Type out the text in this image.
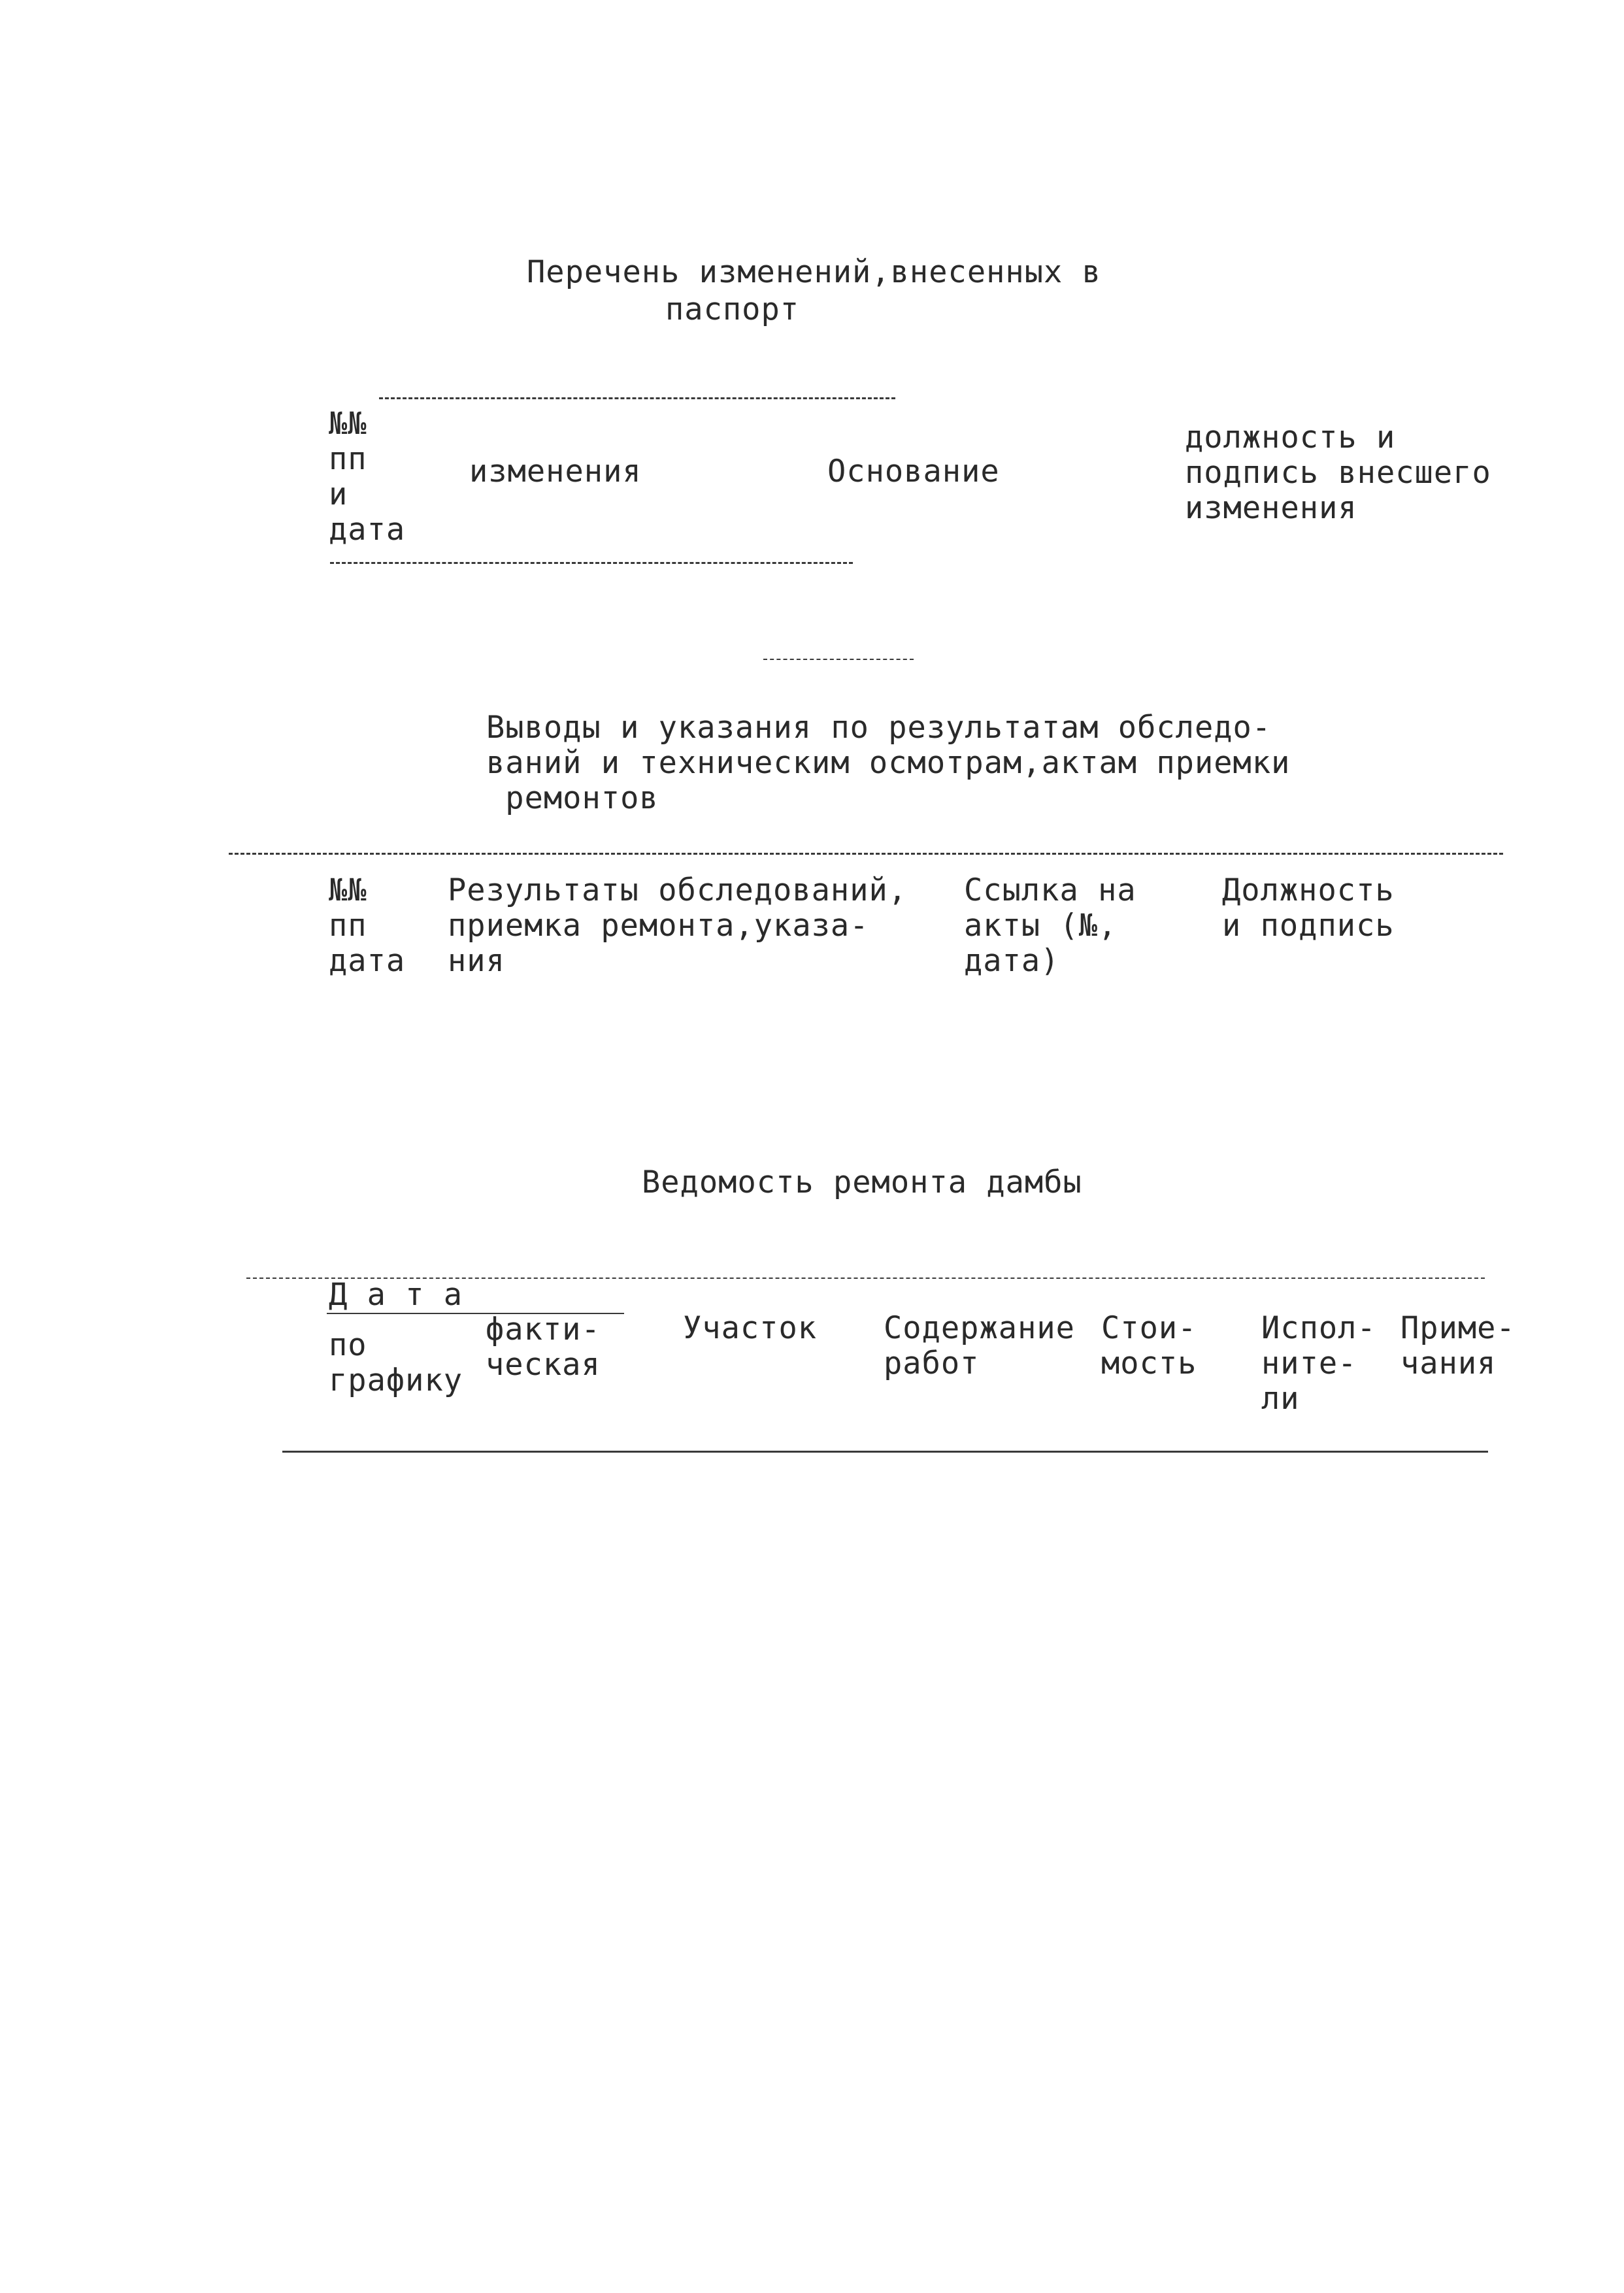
Перечень изменений,внесенных в
паспорт
№№
пп
и
дата
изменения	Основание
должность и
подпись внесшего
изменения
Выводы и указания по результатам обследо-
ваний и техническим осмотрам,актам приемки
ремонтов
№№
пп
дата
Результаты обследований,
приемка ремонта,указа-
ния
Ссылка на
акты (№,
дата)
Должность
и подпись
Ведомость ремонта дамбы
Д а т а
по
графику
факти-
ческая
Участок Содержание
работ
Стои-
мость
Испол-
ните-
ли
Приме-
чания
